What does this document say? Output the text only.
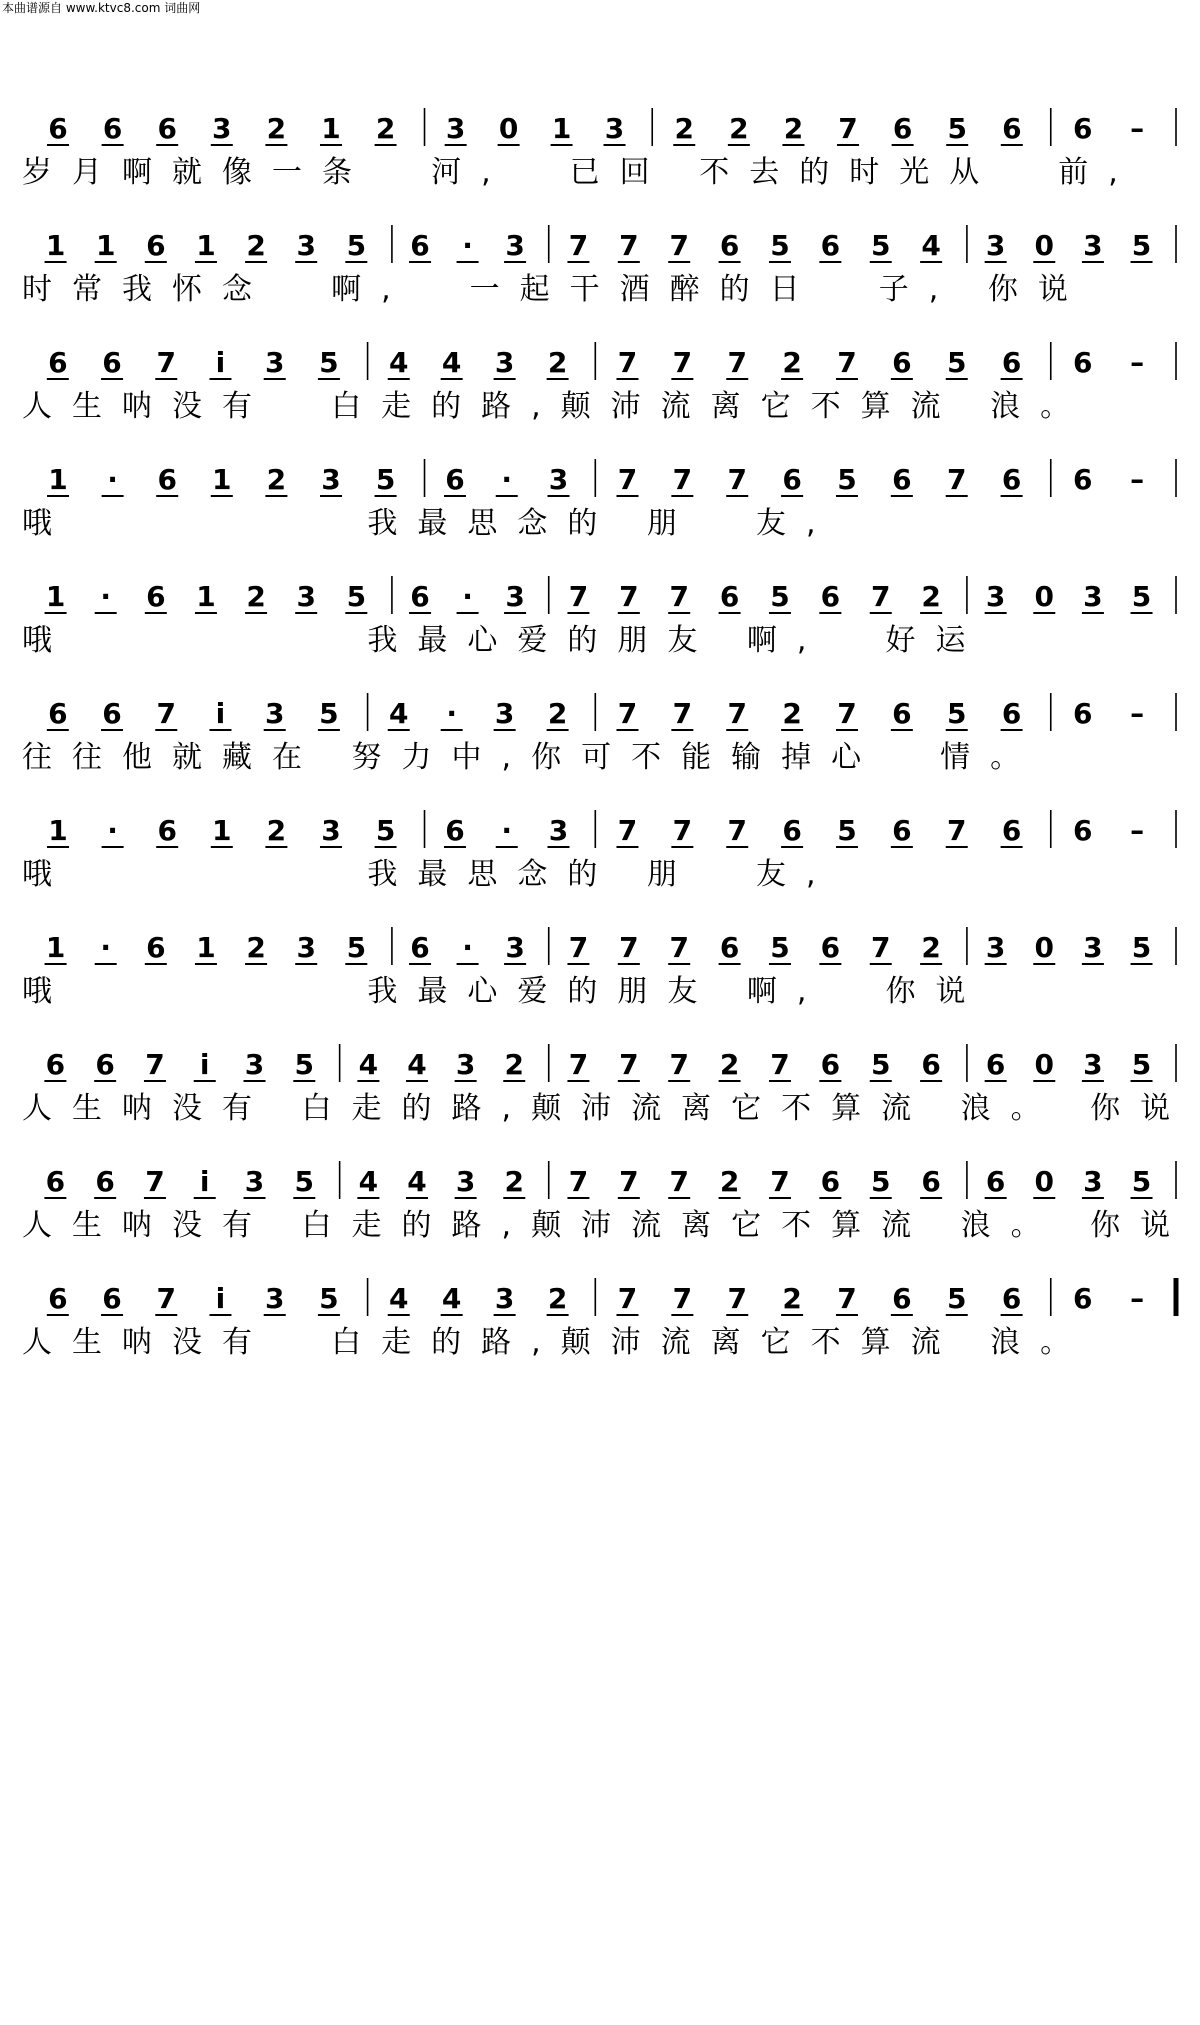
本曲谱源自 www.ktvc8.com 词曲网
6 6 6 3 2 1 2 3 0 1 3 2 2 2 7 6 5 6 6 –
岁月啊就像一条  河,  已回 不去的时光从  前,
1 1 6 1 2 3 5 6 · 3 7 7 7 6 5 6 5 4 3 0 3 5
时常我怀念  啊,  一起干酒醉的日  子, 你说
6 6 7 i 3 5 4 4 3 2 7 7 7 2 7 6 5 6 6 –
人生呐没有  白走的路,颠沛流离它不算流 浪。
1 · 6 1 2 3 5 6 · 3 7 7 7 6 5 6 7 6 6 –
哦          我最思念的 朋  友,
1 · 6 1 2 3 5 6 · 3 7 7 7 6 5 6 7 2 3 0 3 5
哦          我最心爱的朋友 啊,  好运
6 6 7 i 3 5 4 · 3 2 7 7 7 2 7 6 5 6 6 –
往往他就藏在 努力中,你可不能输掉心  情。
1 · 6 1 2 3 5 6 · 3 7 7 7 6 5 6 7 6 6 –
哦          我最思念的 朋  友,
1 · 6 1 2 3 5 6 · 3 7 7 7 6 5 6 7 2 3 0 3 5
哦          我最心爱的朋友 啊,  你说
6 6 7 i 3 5 4 4 3 2 7 7 7 2 7 6 5 6 6 0 3 5
人生呐没有 白走的路,颠沛流离它不算流 浪。 你说
6 6 7 i 3 5 4 4 3 2 7 7 7 2 7 6 5 6 6 0 3 5
人生呐没有 白走的路,颠沛流离它不算流 浪。 你说
6 6 7 i 3 5 4 4 3 2 7 7 7 2 7 6 5 6 6 –
人生呐没有  白走的路,颠沛流离它不算流 浪。
